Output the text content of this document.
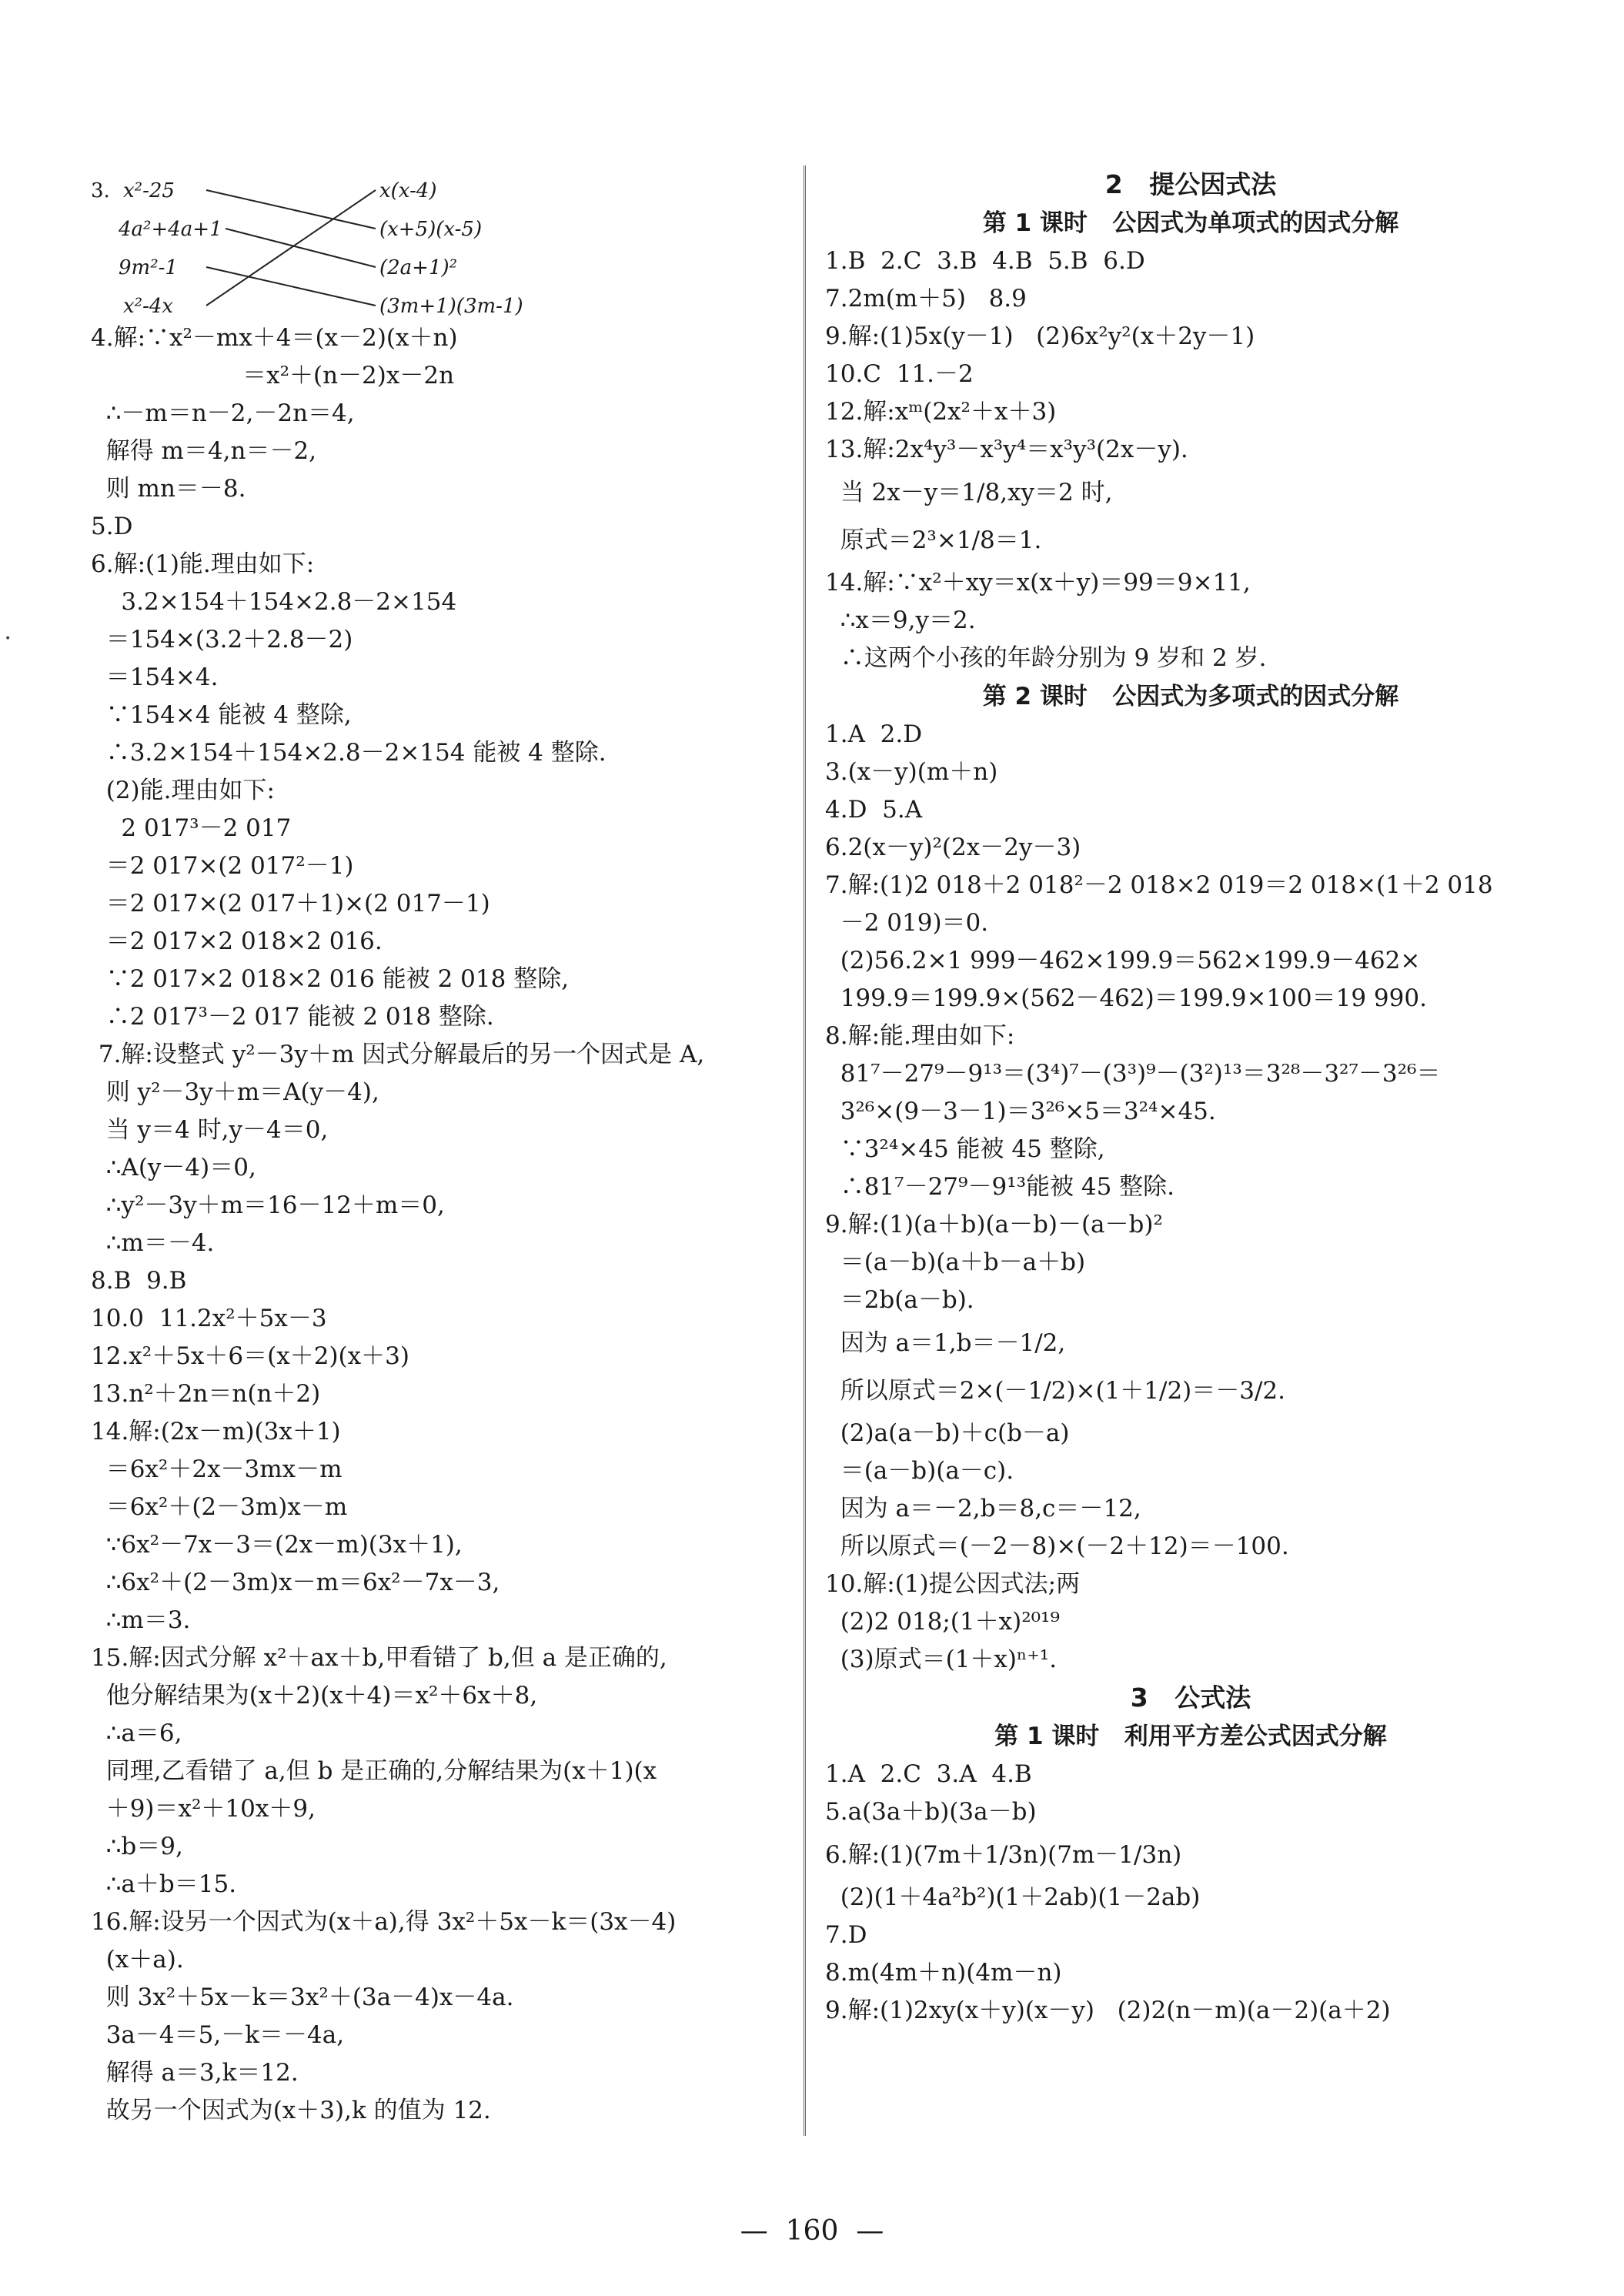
•
3. x²-25
4a²+4a+1
9m²-1
x²-4x
x(x-4)
(x+5)(x-5)
(2a+1)²
(3m+1)(3m-1)
4.解:∵x²－mx＋4＝(x－2)(x＋n)
＝x²＋(n－2)x－2n
∴－m＝n－2,－2n＝4,
解得 m＝4,n＝－2,
则 mn＝－8.
5.D
6.解:(1)能.理由如下:
3.2×154＋154×2.8－2×154
＝154×(3.2＋2.8－2)
＝154×4.
∵154×4 能被 4 整除,
∴3.2×154＋154×2.8－2×154 能被 4 整除.
(2)能.理由如下:
2 017³－2 017
＝2 017×(2 017²－1)
＝2 017×(2 017＋1)×(2 017－1)
＝2 017×2 018×2 016.
∵2 017×2 018×2 016 能被 2 018 整除,
∴2 017³－2 017 能被 2 018 整除.
7.解:设整式 y²－3y＋m 因式分解最后的另一个因式是 A,
则 y²－3y＋m＝A(y－4),
当 y＝4 时,y－4＝0,
∴A(y－4)＝0,
∴y²－3y＋m＝16－12＋m＝0,
∴m＝－4.
8.B  9.B
10.0  11.2x²＋5x－3
12.x²＋5x＋6＝(x＋2)(x＋3)
13.n²＋2n＝n(n＋2)
14.解:(2x－m)(3x＋1)
＝6x²＋2x－3mx－m
＝6x²＋(2－3m)x－m
∵6x²－7x－3＝(2x－m)(3x＋1),
∴6x²＋(2－3m)x－m＝6x²－7x－3,
∴m＝3.
15.解:因式分解 x²＋ax＋b,甲看错了 b,但 a 是正确的,
他分解结果为(x＋2)(x＋4)＝x²＋6x＋8,
∴a＝6,
同理,乙看错了 a,但 b 是正确的,分解结果为(x＋1)(x
＋9)＝x²＋10x＋9,
∴b＝9,
∴a＋b＝15.
16.解:设另一个因式为(x＋a),得 3x²＋5x－k＝(3x－4)
(x＋a).
则 3x²＋5x－k＝3x²＋(3a－4)x－4a.
3a－4＝5,－k＝－4a,
解得 a＝3,k＝12.
故另一个因式为(x＋3),k 的值为 12.
2   提公因式法
第 1 课时   公因式为单项式的因式分解
1.B  2.C  3.B  4.B  5.B  6.D
7.2m(m＋5)   8.9
9.解:(1)5x(y－1)   (2)6x²y²(x＋2y－1)
10.C  11.－2
12.解:xᵐ(2x²＋x＋3)
13.解:2x⁴y³－x³y⁴＝x³y³(2x－y).
当 2x－y＝1/8,xy＝2 时,
原式＝2³×1/8＝1.
14.解:∵x²＋xy＝x(x＋y)＝99＝9×11,
∴x＝9,y＝2.
∴这两个小孩的年龄分别为 9 岁和 2 岁.
第 2 课时   公因式为多项式的因式分解
1.A  2.D
3.(x－y)(m＋n)
4.D  5.A
6.2(x－y)²(2x－2y－3)
7.解:(1)2 018＋2 018²－2 018×2 019＝2 018×(1＋2 018
－2 019)＝0.
(2)56.2×1 999－462×199.9＝562×199.9－462×
199.9＝199.9×(562－462)＝199.9×100＝19 990.
8.解:能.理由如下:
81⁷－27⁹－9¹³＝(3⁴)⁷－(3³)⁹－(3²)¹³＝3²⁸－3²⁷－3²⁶＝
3²⁶×(9－3－1)＝3²⁶×5＝3²⁴×45.
∵3²⁴×45 能被 45 整除,
∴81⁷－27⁹－9¹³能被 45 整除.
9.解:(1)(a＋b)(a－b)－(a－b)²
＝(a－b)(a＋b－a＋b)
＝2b(a－b).
因为 a＝1,b＝－1/2,
所以原式＝2×(－1/2)×(1＋1/2)＝－3/2.
(2)a(a－b)＋c(b－a)
＝(a－b)(a－c).
因为 a＝－2,b＝8,c＝－12,
所以原式＝(－2－8)×(－2＋12)＝－100.
10.解:(1)提公因式法;两
(2)2 018;(1＋x)²⁰¹⁹
(3)原式＝(1＋x)ⁿ⁺¹.
3   公式法
第 1 课时   利用平方差公式因式分解
1.A  2.C  3.A  4.B
5.a(3a＋b)(3a－b)
6.解:(1)(7m＋1/3n)(7m－1/3n)
(2)(1＋4a²b²)(1＋2ab)(1－2ab)
7.D
8.m(4m＋n)(4m－n)
9.解:(1)2xy(x＋y)(x－y)   (2)2(n－m)(a－2)(a＋2)
—  160  —
